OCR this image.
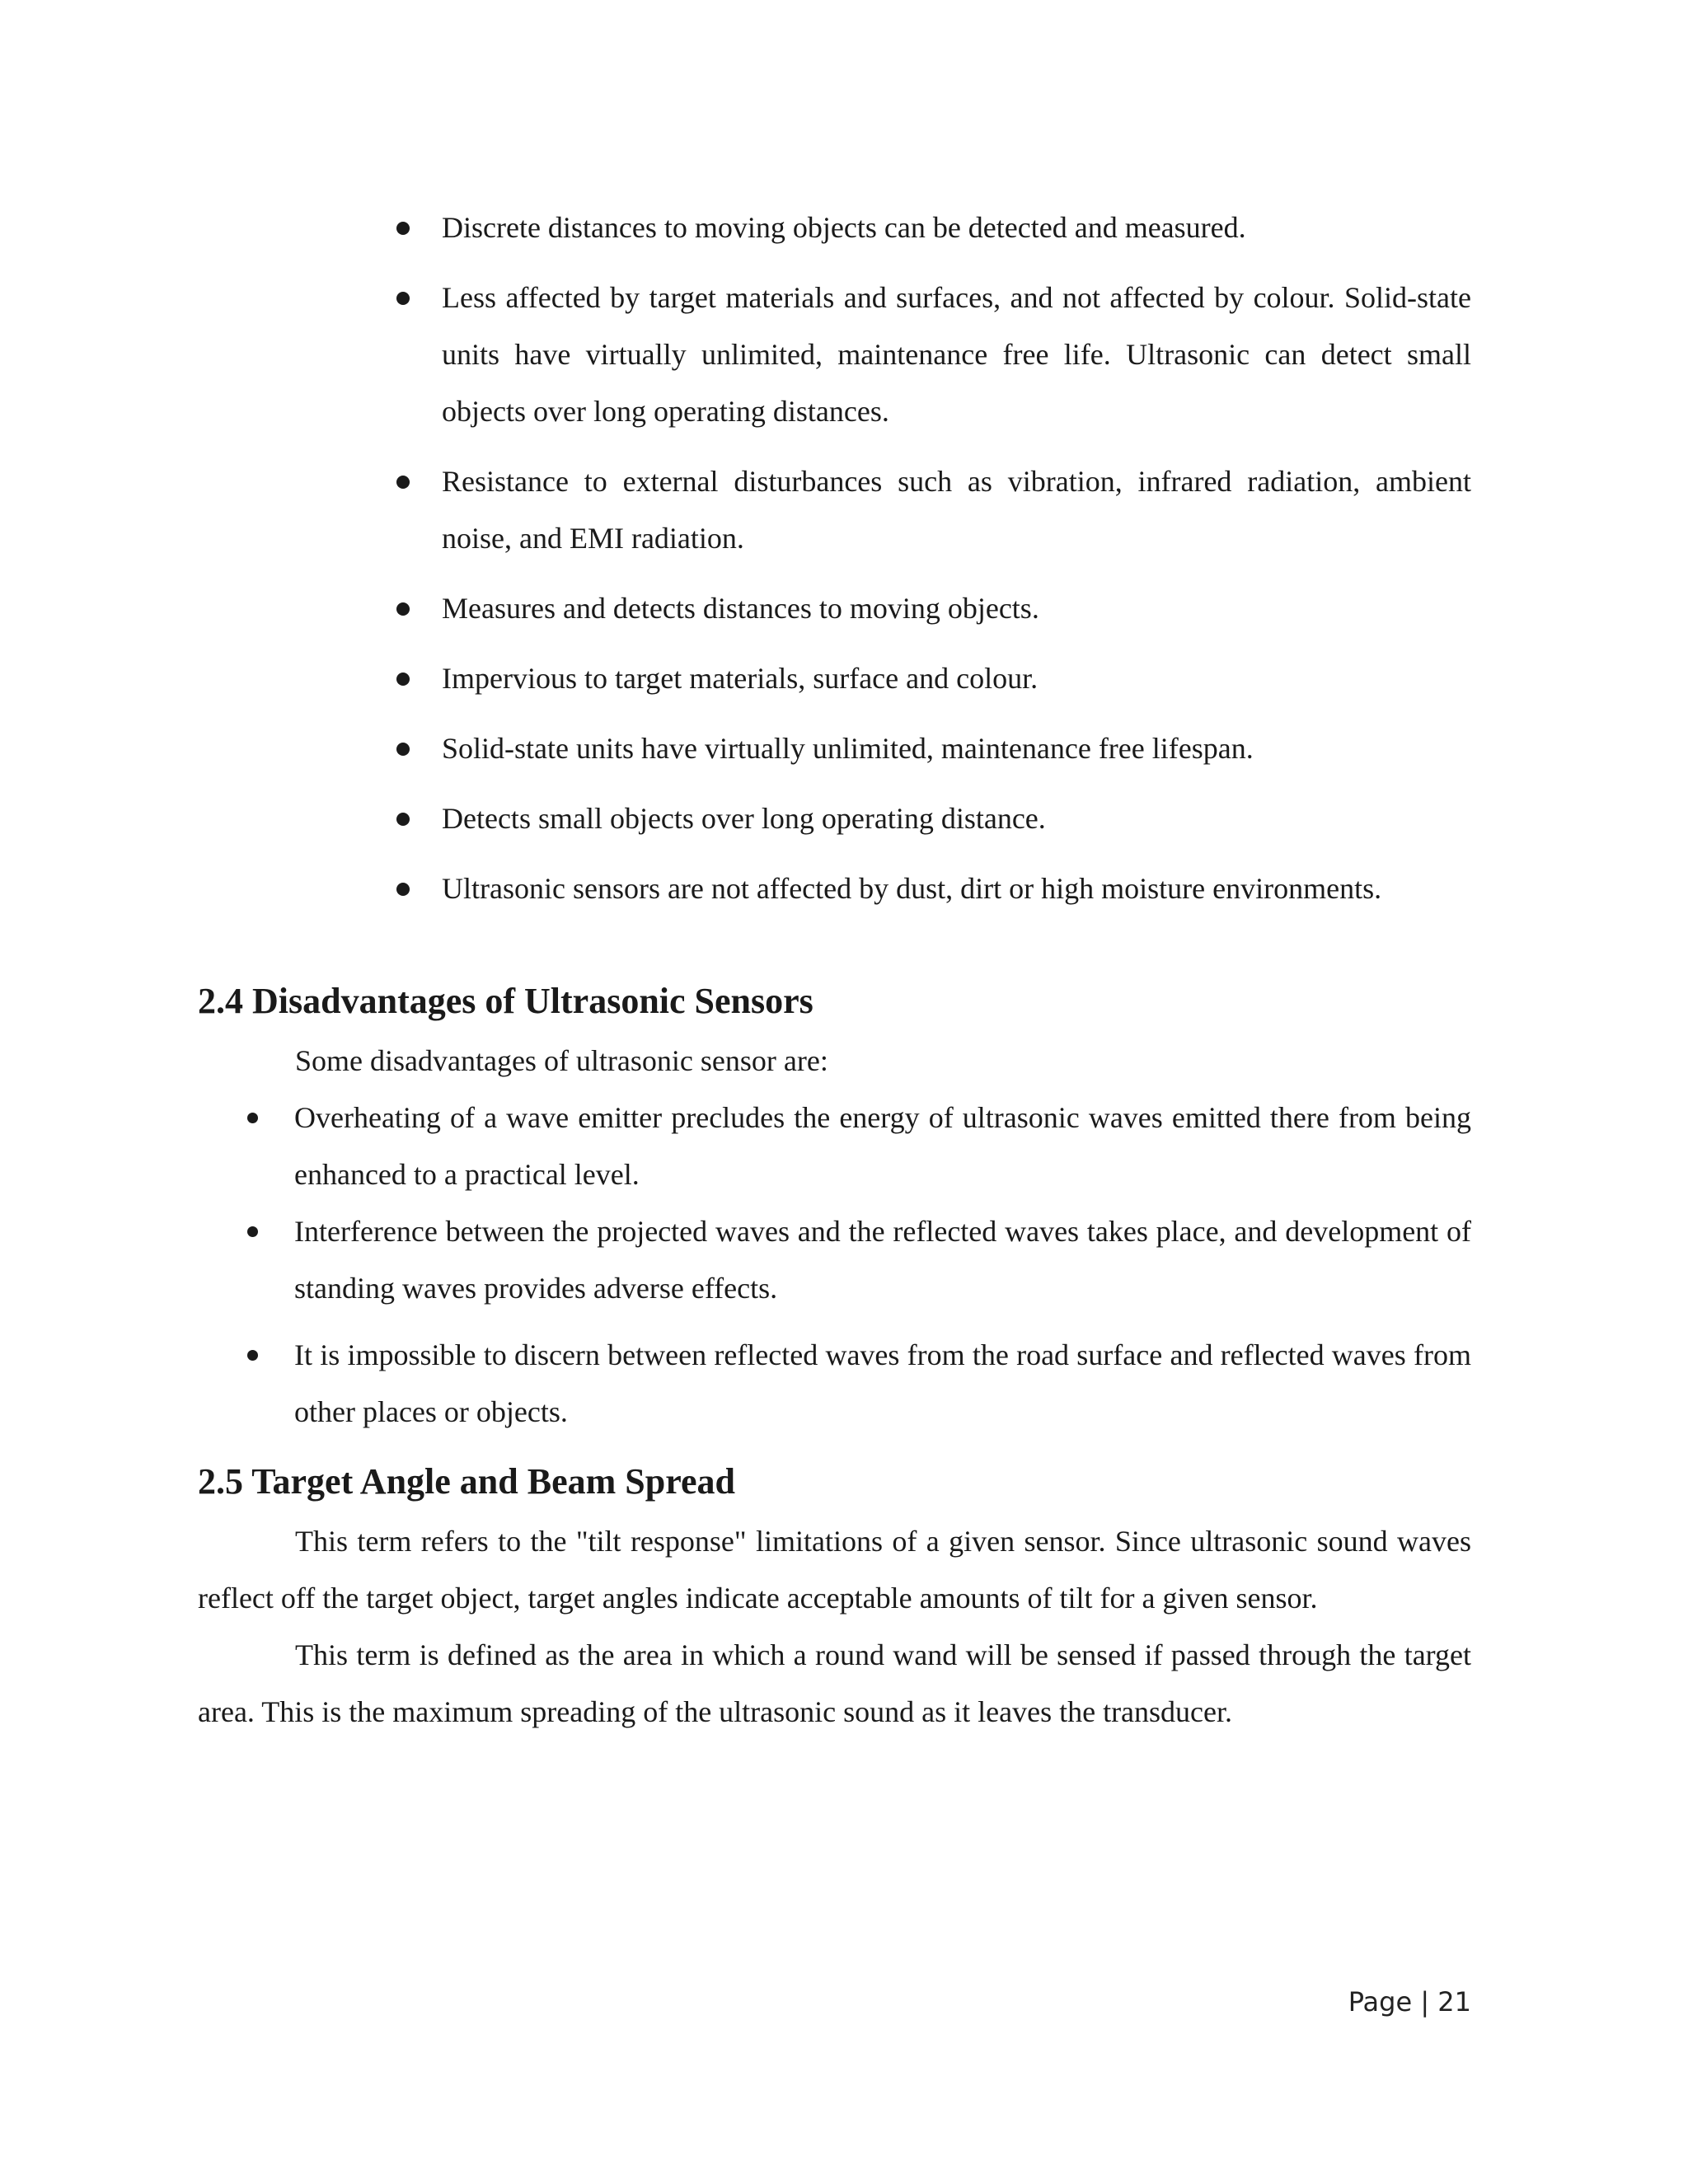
Discrete distances to moving objects can be detected and measured.
Less affected by target materials and surfaces, and not affected by colour. Solid-state units have virtually unlimited, maintenance free life. Ultrasonic can detect small objects over long operating distances.
Resistance to external disturbances such as vibration, infrared radiation, ambient noise, and EMI radiation.
Measures and detects distances to moving objects.
Impervious to target materials, surface and colour.
Solid-state units have virtually unlimited, maintenance free lifespan.
Detects small objects over long operating distance.
Ultrasonic sensors are not affected by dust, dirt or high moisture environments.
2.4 Disadvantages of Ultrasonic Sensors

Some disadvantages of ultrasonic sensor are:

Overheating of a wave emitter precludes the energy of ultrasonic waves emitted there from being enhanced to a practical level.
Interference between the projected waves and the reflected waves takes place, and development of standing waves provides adverse effects.
It is impossible to discern between reflected waves from the road surface and reflected waves from other places or objects.
2.5 Target Angle and Beam Spread

This term refers to the "tilt response" limitations of a given sensor. Since ultrasonic sound waves reflect off the target object, target angles indicate acceptable amounts of tilt for a given sensor.

This term is defined as the area in which a round wand will be sensed if passed through the target area. This is the maximum spreading of the ultrasonic sound as it leaves the transducer.

Page | 21
